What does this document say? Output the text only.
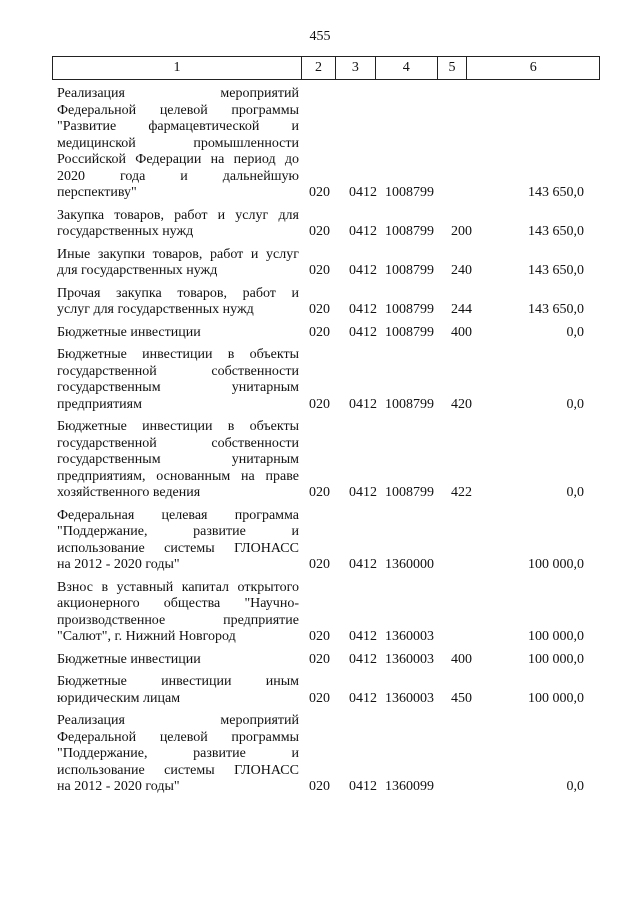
455
1	2	3	4	5	6
Реализация мероприятий
Федеральной целевой программы
"Развитие фармацевтической и
медицинской промышленности
Российской Федерации на период до
2020 года и дальнейшую
перспективу"	020 0412 1008799	143 650,0
Закупка товаров, работ и услуг для
государственных нужд	020 0412 1008799 200	143 650,0
Иные закупки товаров, работ и услуг
для государственных нужд	020 0412 1008799 240	143 650,0
Прочая закупка товаров, работ и
услуг для государственных нужд	020 0412 1008799 244	143 650,0
Бюджетные инвестиции	020 0412 1008799 400	0,0
Бюджетные инвестиции в объекты
государственной собственности
государственным унитарным
предприятиям	020 0412 1008799 420	0,0
Бюджетные инвестиции в объекты
государственной собственности
государственным унитарным
предприятиям, основанным на праве
хозяйственного ведения	020 0412 1008799 422	0,0
Федеральная целевая программа
"Поддержание, развитие и
использование системы ГЛОНАСС
на 2012 - 2020 годы"	020 0412 1360000	100 000,0
Взнос в уставный капитал открытого
акционерного общества "Научно-
производственное предприятие
"Салют", г. Нижний Новгород	020 0412 1360003	100 000,0
Бюджетные инвестиции	020 0412 1360003 400	100 000,0
Бюджетные инвестиции иным
юридическим лицам	020 0412 1360003 450	100 000,0
Реализация мероприятий
Федеральной целевой программы
"Поддержание, развитие и
использование системы ГЛОНАСС
на 2012 - 2020 годы"	020 0412 1360099	0,0
